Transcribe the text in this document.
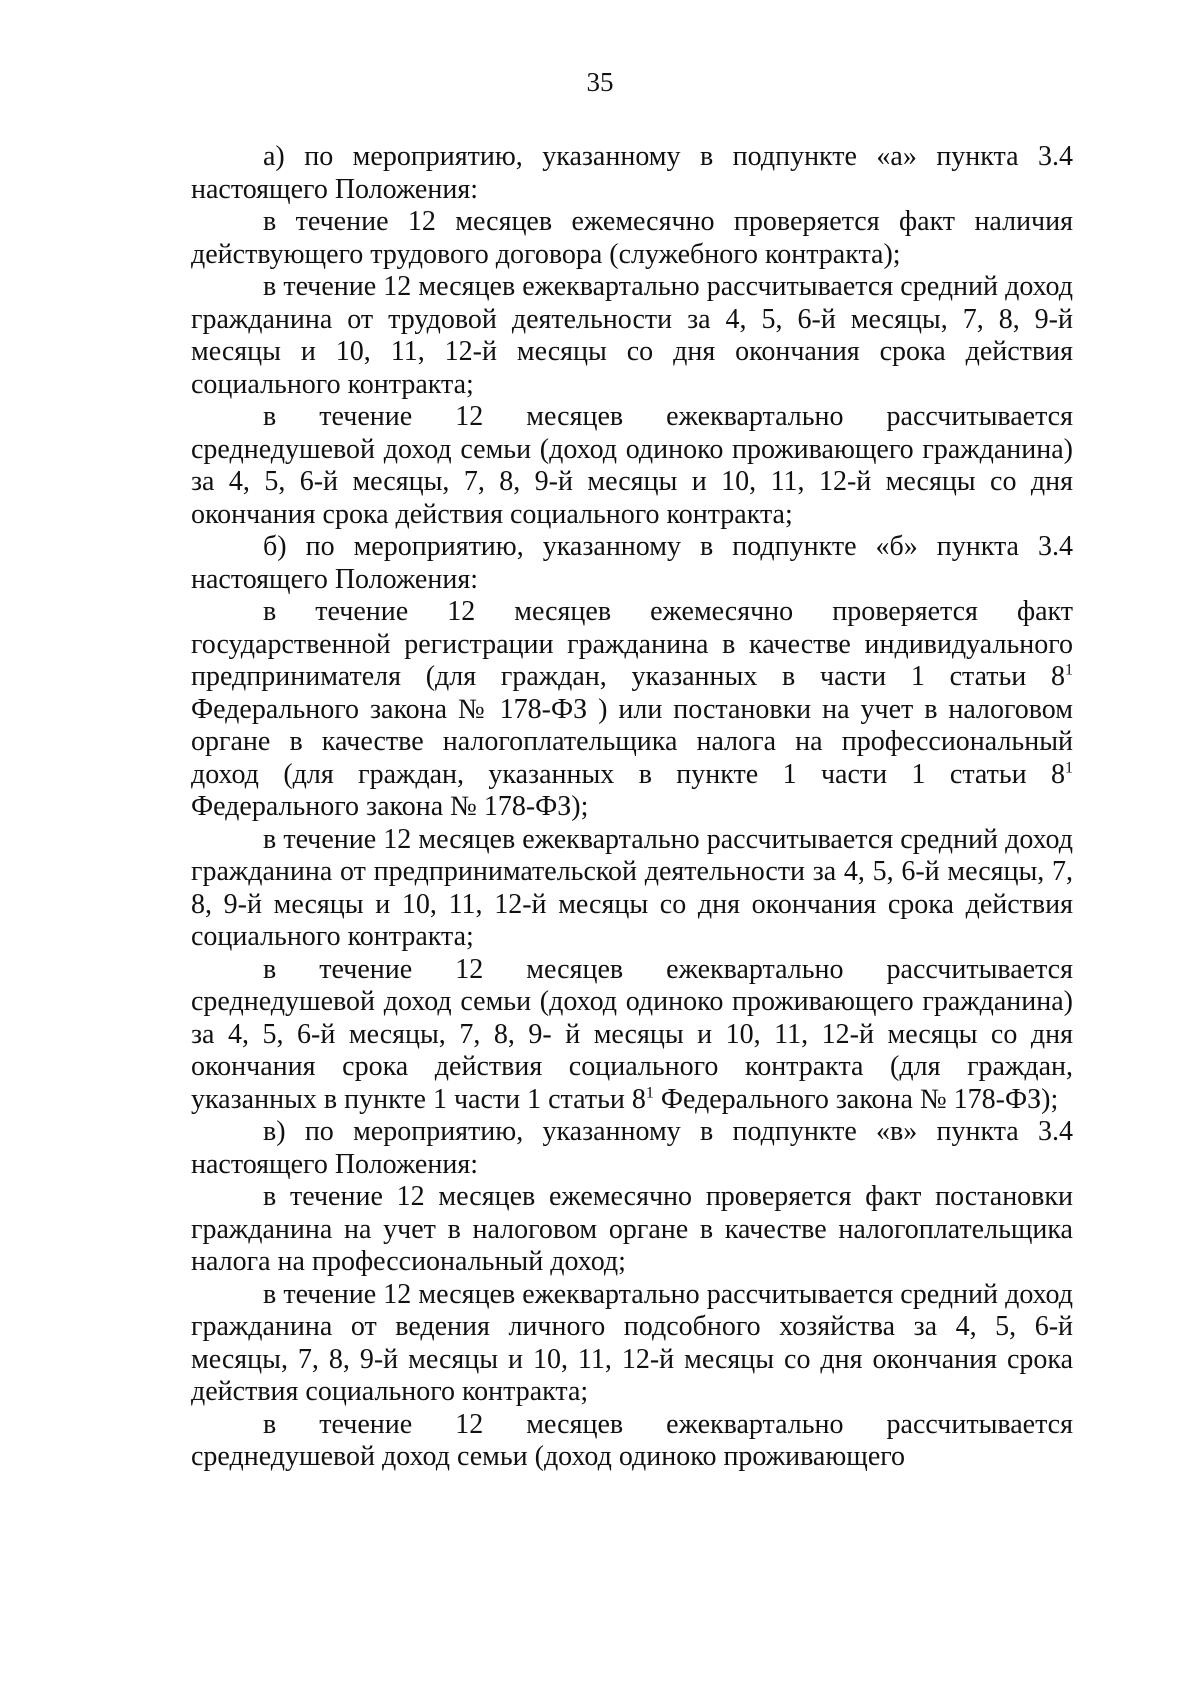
35

а) по мероприятию, указанному в подпункте «а» пункта 3.4 настоящего Положения:

в течение 12 месяцев ежемесячно проверяется факт наличия действующего трудового договора (служебного контракта);

в течение 12 месяцев ежеквартально рассчитывается средний доход гражданина от трудовой деятельности за 4, 5, 6-й месяцы, 7, 8, 9-й месяцы и 10, 11, 12-й месяцы со дня окончания срока действия социального контракта;

в течение 12 месяцев ежеквартально рассчитывается среднедушевой доход семьи (доход одиноко проживающего гражданина) за 4, 5, 6-й месяцы, 7, 8, 9-й месяцы и 10, 11, 12-й месяцы со дня окончания срока действия социального контракта;

б) по мероприятию, указанному в подпункте «б» пункта 3.4 настоящего Положения:

в течение 12 месяцев ежемесячно проверяется факт государственной регистрации гражданина в качестве индивидуального предпринимателя (для граждан, указанных в части 1 статьи $8^1$ Федерального закона № 178-ФЗ ) или постановки на учет в налоговом органе в качестве налогоплательщика налога на профессиональный доход (для граждан, указанных в пункте 1 части 1 статьи $8^1$ Федерального закона № 178-ФЗ);

в течение 12 месяцев ежеквартально рассчитывается средний доход гражданина от предпринимательской деятельности за 4, 5, 6-й месяцы, 7, 8, 9-й месяцы и 10, 11, 12-й месяцы со дня окончания срока действия социального контракта;

в течение 12 месяцев ежеквартально рассчитывается среднедушевой доход семьи (доход одиноко проживающего гражданина) за 4, 5, 6-й месяцы, 7, 8, 9- й месяцы и 10, 11, 12-й месяцы со дня окончания срока действия социального контракта (для граждан, указанных в пункте 1 части 1 статьи $8^1$ Федерального закона № 178-ФЗ);

в) по мероприятию, указанному в подпункте «в» пункта 3.4 настоящего Положения:

в течение 12 месяцев ежемесячно проверяется факт постановки гражданина на учет в налоговом органе в качестве налогоплательщика налога на профессиональный доход;

в течение 12 месяцев ежеквартально рассчитывается средний доход гражданина от ведения личного подсобного хозяйства за 4, 5, 6-й месяцы, 7, 8, 9-й месяцы и 10, 11, 12-й месяцы со дня окончания срока действия социального контракта;

в течение 12 месяцев ежеквартально рассчитывается среднедушевой доход семьи (доход одиноко проживающего
